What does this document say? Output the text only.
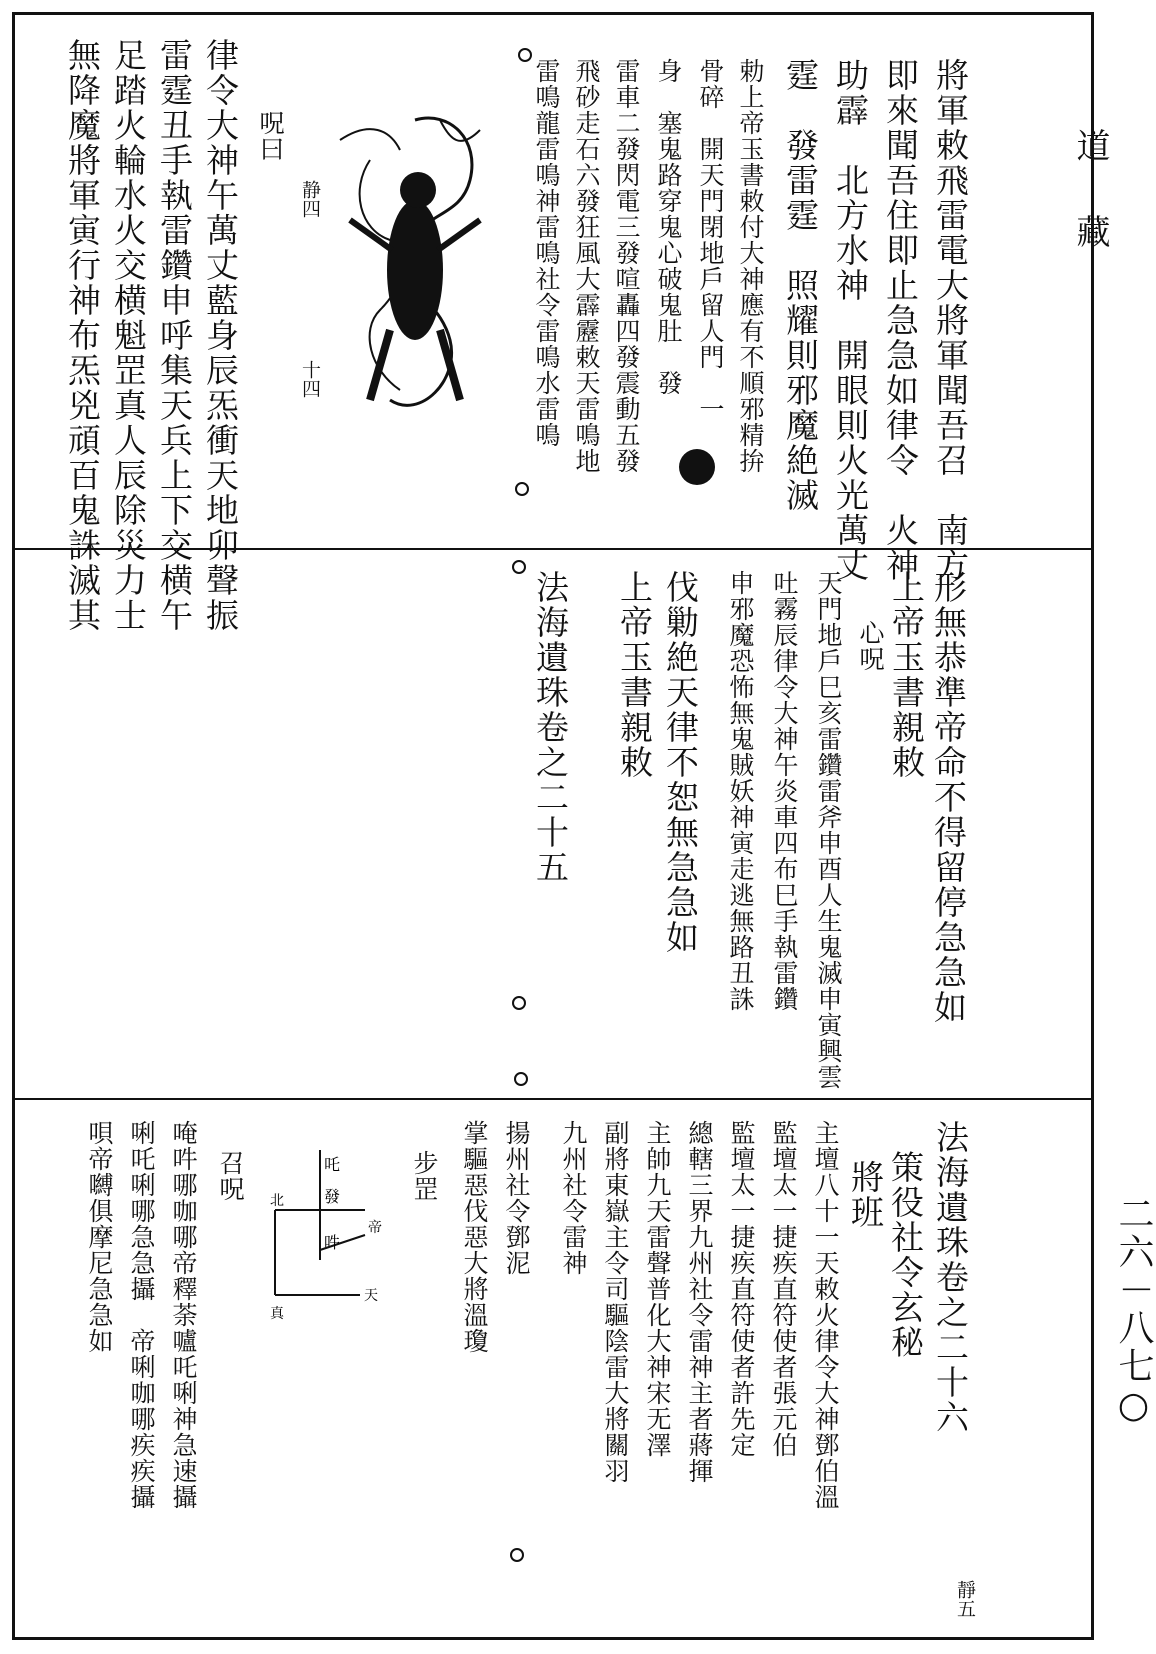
道藏
二六－八七○
將軍敕飛雷電大將軍聞吾召　南方
即來聞吾住即止急急如律令　火神
助霹　北方水神　開眼則火光萬丈
霆　發雷霆　照耀則邪魔絶滅
勅上帝玉書敕付大神應有不順邪精拚
骨碎　開天門閉地戶留人門　一
身　塞鬼路穿鬼心破鬼肚　發
雷車二發閃電三發喧轟四發震動五發
飛砂走石六發狂風大霹靂敕天雷鳴地
雷鳴龍雷鳴神雷鳴社令雷鳴水雷鳴
静四
十四
呪曰
律令大神午萬丈藍身辰炁衝天地卯聲振
雷霆丑手執雷鑽申呼集天兵上下交横午
足踏火輪水火交横魁罡真人辰除災力士
無降魔將軍寅行神布炁兇頑百鬼誅滅其
形無恭準帝命不得留停急急如
上帝玉書親敕
心呪
天門地戶巳亥雷鑽雷斧申酉人生鬼滅申寅興雲
吐霧辰律令大神午炎車四布巳手執雷鑽
申邪魔恐怖無鬼賊妖神寅走逃無路丑誅
伐勦絶天律不恕無急急如
上帝玉書親敕
法海遺珠卷之二十五
法海遺珠卷之二十六
策役社令玄秘
將班
主壇八十一天敕火律令大神鄧伯溫
監壇太一捷疾直符使者張元伯
監壇太一捷疾直符使者許先定
總轄三界九州社令雷神主者蔣揮
主帥九天雷聲普化大神宋无澤
副將東嶽主令司驅陰雷大將關羽
九州社令雷神
揚州社令鄧泥
掌驅惡伐惡大將溫瓊
步罡
召呪
唵吽哪咖哪帝釋荼嚧吒唎神急速攝
唎吒唎哪急急攝　帝唎咖哪疾疾攝
唄帝嚩俱摩尼急急如
靜五
吒
發
吽
北
帝
真
天
